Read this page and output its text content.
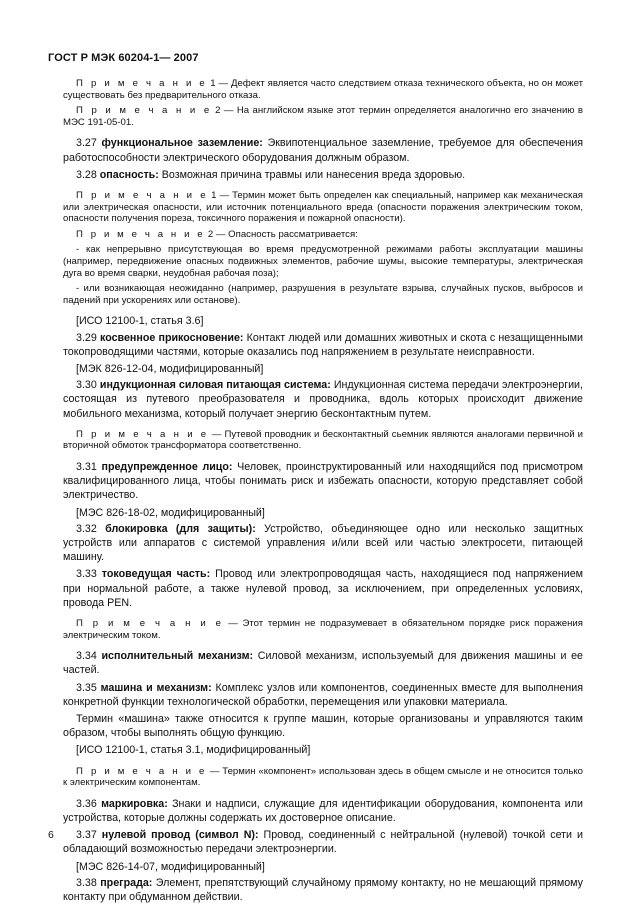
ГОСТ Р МЭК 60204-1— 2007

П р и м е ч а н и е 1 — Дефект является часто следствием отказа технического объекта, но он может существовать без предварительного отказа.

П р и м е ч а н и е 2 — На английском языке этот термин определяется аналогично его значению в МЭС 191-05-01.

3.27 функциональное заземление: Эквипотенциальное заземление, требуемое для обеспечения работоспособности электрического оборудования должным образом.

3.28 опасность: Возможная причина травмы или нанесения вреда здоровью.

П р и м е ч а н и е 1 — Термин может быть определен как специальный, например как механическая или электрическая опасности, или источник потенциального вреда (опасности поражения электрическим током, опасности получения пореза, токсичного поражения и пожарной опасности).

П р и м е ч а н и е 2 — Опасность рассматривается:

- как непрерывно присутствующая во время предусмотренной режимами работы эксплуатации машины (например, передвижение опасных подвижных элементов, рабочие шумы, высокие температуры, электрическая дуга во время сварки, неудобная рабочая поза);

- или возникающая неожиданно (например, разрушения в результате взрыва, случайных пусков, выбросов и падений при ускорениях или останове).

[ИСО 12100-1, статья 3.6]

3.29 косвенное прикосновение: Контакт людей или домашних животных и скота с незащищенными токопроводящими частями, которые оказались под напряжением в результате неисправности.

[МЭК 826-12-04, модифицированный]

3.30 индукционная силовая питающая система: Индукционная система передачи электроэнергии, состоящая из путевого преобразователя и проводника, вдоль которых происходит движение мобильного механизма, который получает энергию бесконтактным путем.

П р и м е ч а н и е — Путевой проводник и бесконтактный сьемник являются аналогами первичной и вторичной обмоток трансформатора соответственно.

3.31 предупрежденное лицо: Человек, проинструктированный или находящийся под присмотром квалифицированного лица, чтобы понимать риск и избежать опасности, которую представляет собой электричество.

[МЭС 826-18-02, модифицированный]

3.32 блокировка (для защиты): Устройство, объединяющее одно или несколько защитных устройств или аппаратов с системой управления и/или всей или частью электросети, питающей машину.

3.33 токоведущая часть: Провод или электропроводящая часть, находящиеся под напряжением при нормальной работе, а также нулевой провод, за исключением, при определенных условиях, провода PEN.

П р и м е ч а н и е — Этот термин не подразумевает в обязательном порядке риск поражения электрическим током.

3.34 исполнительный механизм: Силовой механизм, используемый для движения машины и ее частей.

3.35 машина и механизм: Комплекс узлов или компонентов, соединенных вместе для выполнения конкретной функции технологической обработки, перемещения или упаковки материала.

Термин «машина» также относится к группе машин, которые организованы и управляются таким образом, чтобы выполнять общую функцию.

[ИСО 12100-1, статья 3.1, модифицированный]

П р и м е ч а н и е — Термин «компонент» использован здесь в общем смысле и не относится только к электрическим компонентам.

3.36 маркировка: Знаки и надписи, служащие для идентификации оборудования, компонента или устройства, которые должны содержать их достоверное описание.

3.37 нулевой провод (символ N): Провод, соединенный с нейтральной (нулевой) точкой сети и обладающий возможностью передачи электроэнергии.

[МЭС 826-14-07, модифицированный]

3.38 преграда: Элемент, препятствующий случайному прямому контакту, но не мешающий прямому контакту при обдуманном действии.

6
